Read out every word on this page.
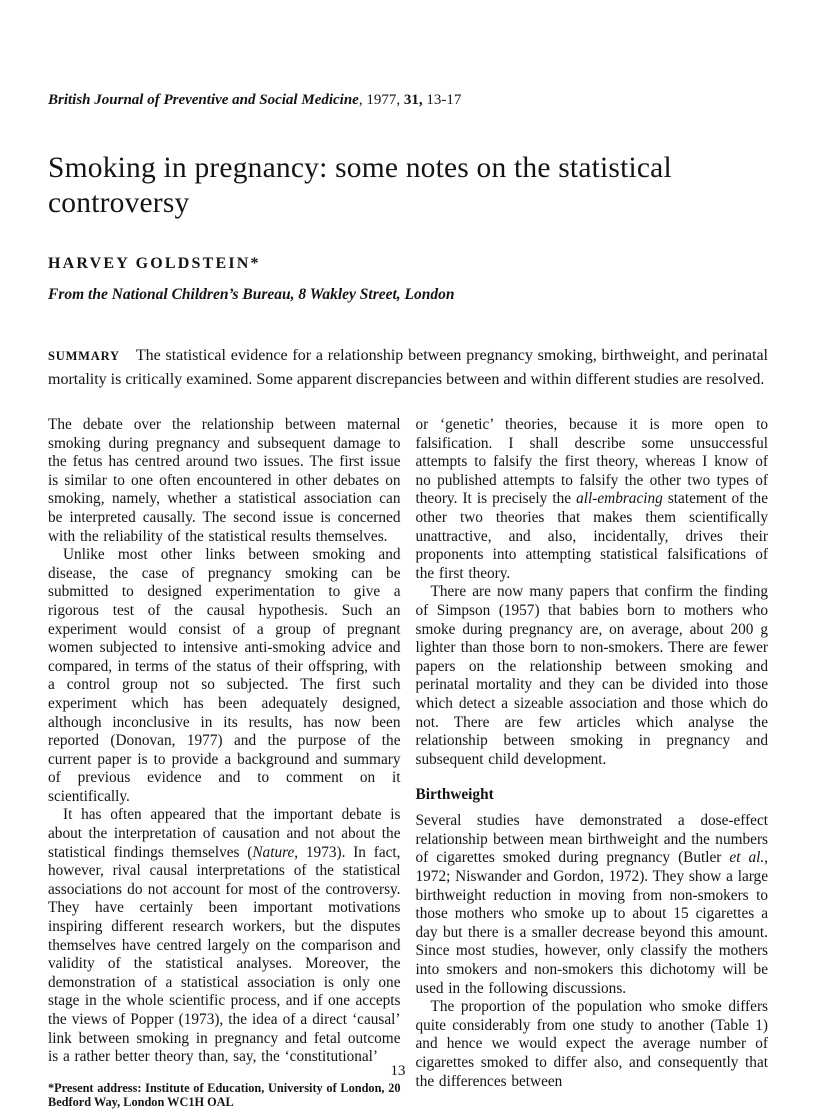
British Journal of Preventive and Social Medicine, 1977, 31, 13-17
Smoking in pregnancy: some notes on the statistical controversy
HARVEY GOLDSTEIN*
From the National Children’s Bureau, 8 Wakley Street, London
SUMMARY The statistical evidence for a relationship between pregnancy smoking, birthweight, and perinatal mortality is critically examined. Some apparent discrepancies between and within different studies are resolved.

The debate over the relationship between maternal smoking during pregnancy and subsequent damage to the fetus has centred around two issues. The first issue is similar to one often encountered in other debates on smoking, namely, whether a statistical association can be interpreted causally. The second issue is concerned with the reliability of the statistical results themselves.

Unlike most other links between smoking and disease, the case of pregnancy smoking can be submitted to designed experimentation to give a rigorous test of the causal hypothesis. Such an experiment would consist of a group of pregnant women subjected to intensive anti-smoking advice and compared, in terms of the status of their offspring, with a control group not so subjected. The first such experiment which has been adequately designed, although inconclusive in its results, has now been reported (Donovan, 1977) and the purpose of the current paper is to provide a background and summary of previous evidence and to comment on it scientifically.

It has often appeared that the important debate is about the interpretation of causation and not about the statistical findings themselves (Nature, 1973). In fact, however, rival causal interpretations of the statistical associations do not account for most of the controversy. They have certainly been important motivations inspiring different research workers, but the disputes themselves have centred largely on the comparison and validity of the statistical analyses. Moreover, the demonstration of a statistical association is only one stage in the whole scientific process, and if one accepts the views of Popper (1973), the idea of a direct ‘causal’ link between smoking in pregnancy and fetal outcome is a rather better theory than, say, the ‘constitutional’

*Present address: Institute of Education, University of London, 20 Bedford Way, London WC1H OAL

or ‘genetic’ theories, because it is more open to falsification. I shall describe some unsuccessful attempts to falsify the first theory, whereas I know of no published attempts to falsify the other two types of theory. It is precisely the all-embracing statement of the other two theories that makes them scientifically unattractive, and also, incidentally, drives their proponents into attempting statistical falsifications of the first theory.

There are now many papers that confirm the finding of Simpson (1957) that babies born to mothers who smoke during pregnancy are, on average, about 200 g lighter than those born to non-smokers. There are fewer papers on the relationship between smoking and perinatal mortality and they can be divided into those which detect a sizeable association and those which do not. There are few articles which analyse the relationship between smoking in pregnancy and subsequent child development.

Birthweight

Several studies have demonstrated a dose-effect relationship between mean birthweight and the numbers of cigarettes smoked during pregnancy (Butler et al., 1972; Niswander and Gordon, 1972). They show a large birthweight reduction in moving from non-smokers to those mothers who smoke up to about 15 cigarettes a day but there is a smaller decrease beyond this amount. Since most studies, however, only classify the mothers into smokers and non-smokers this dichotomy will be used in the following discussions.

The proportion of the population who smoke differs quite considerably from one study to another (Table 1) and hence we would expect the average number of cigarettes smoked to differ also, and consequently that the differences between

13
